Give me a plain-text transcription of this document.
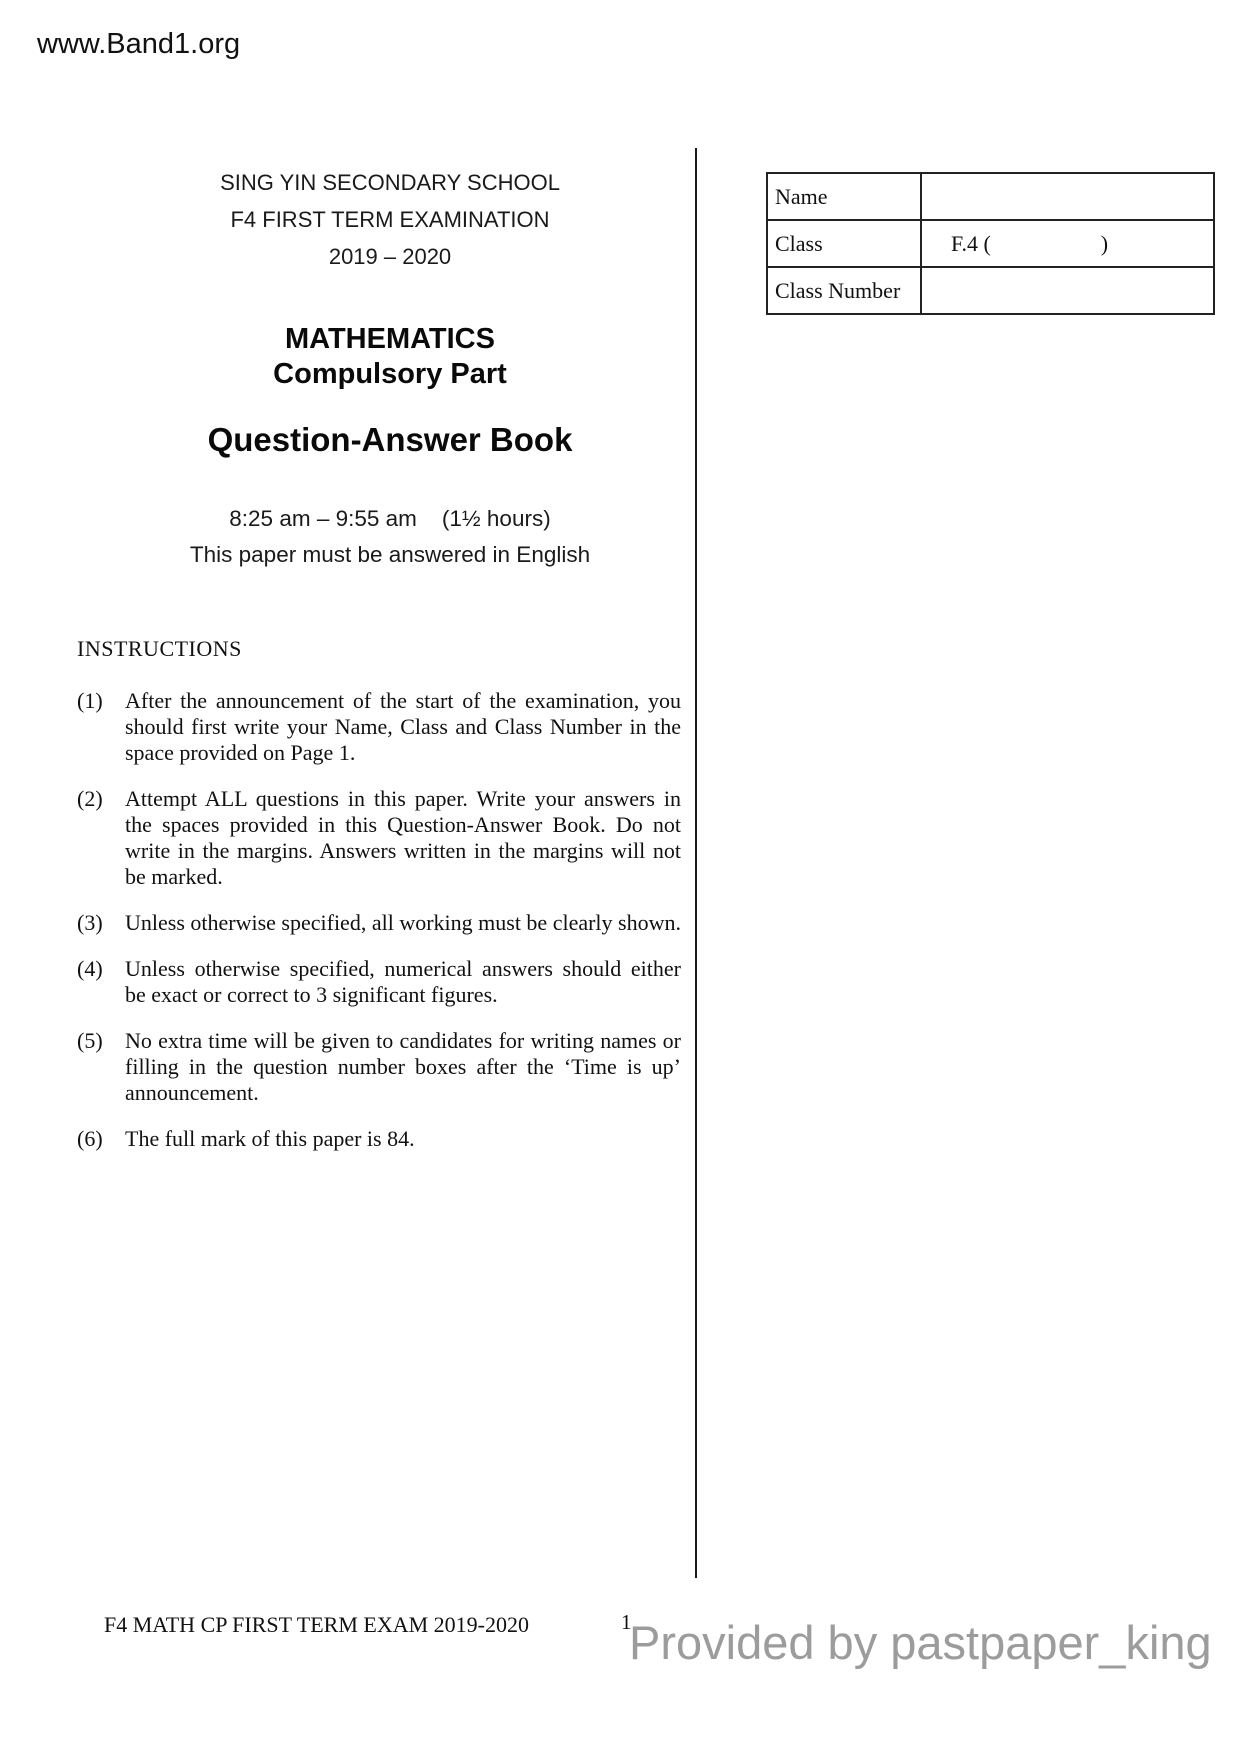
www.Band1.org
SING YIN SECONDARY SCHOOL
F4 FIRST TERM EXAMINATION
2019 – 2020
MATHEMATICS
Compulsory Part
Question-Answer Book
8:25 am – 9:55 am    (1½ hours)
This paper must be answered in English
INSTRUCTIONS
(1)	After the announcement of the start of the examination, you should first write your Name, Class and Class Number in the space provided on Page 1.
(2)	Attempt ALL questions in this paper. Write your answers in the spaces provided in this Question-Answer Book. Do not write in the margins. Answers written in the margins will not be marked.
(3)	Unless otherwise specified, all working must be clearly shown.
(4)	Unless otherwise specified, numerical answers should either be exact or correct to 3 significant figures.
(5)	No extra time will be given to candidates for writing names or filling in the question number boxes after the ‘Time is up’ announcement.
(6)	The full mark of this paper is 84.
Name	
Class	F.4 (                    )
Class Number	
F4 MATH CP FIRST TERM EXAM 2019-2020	1
Provided by pastpaper_king
